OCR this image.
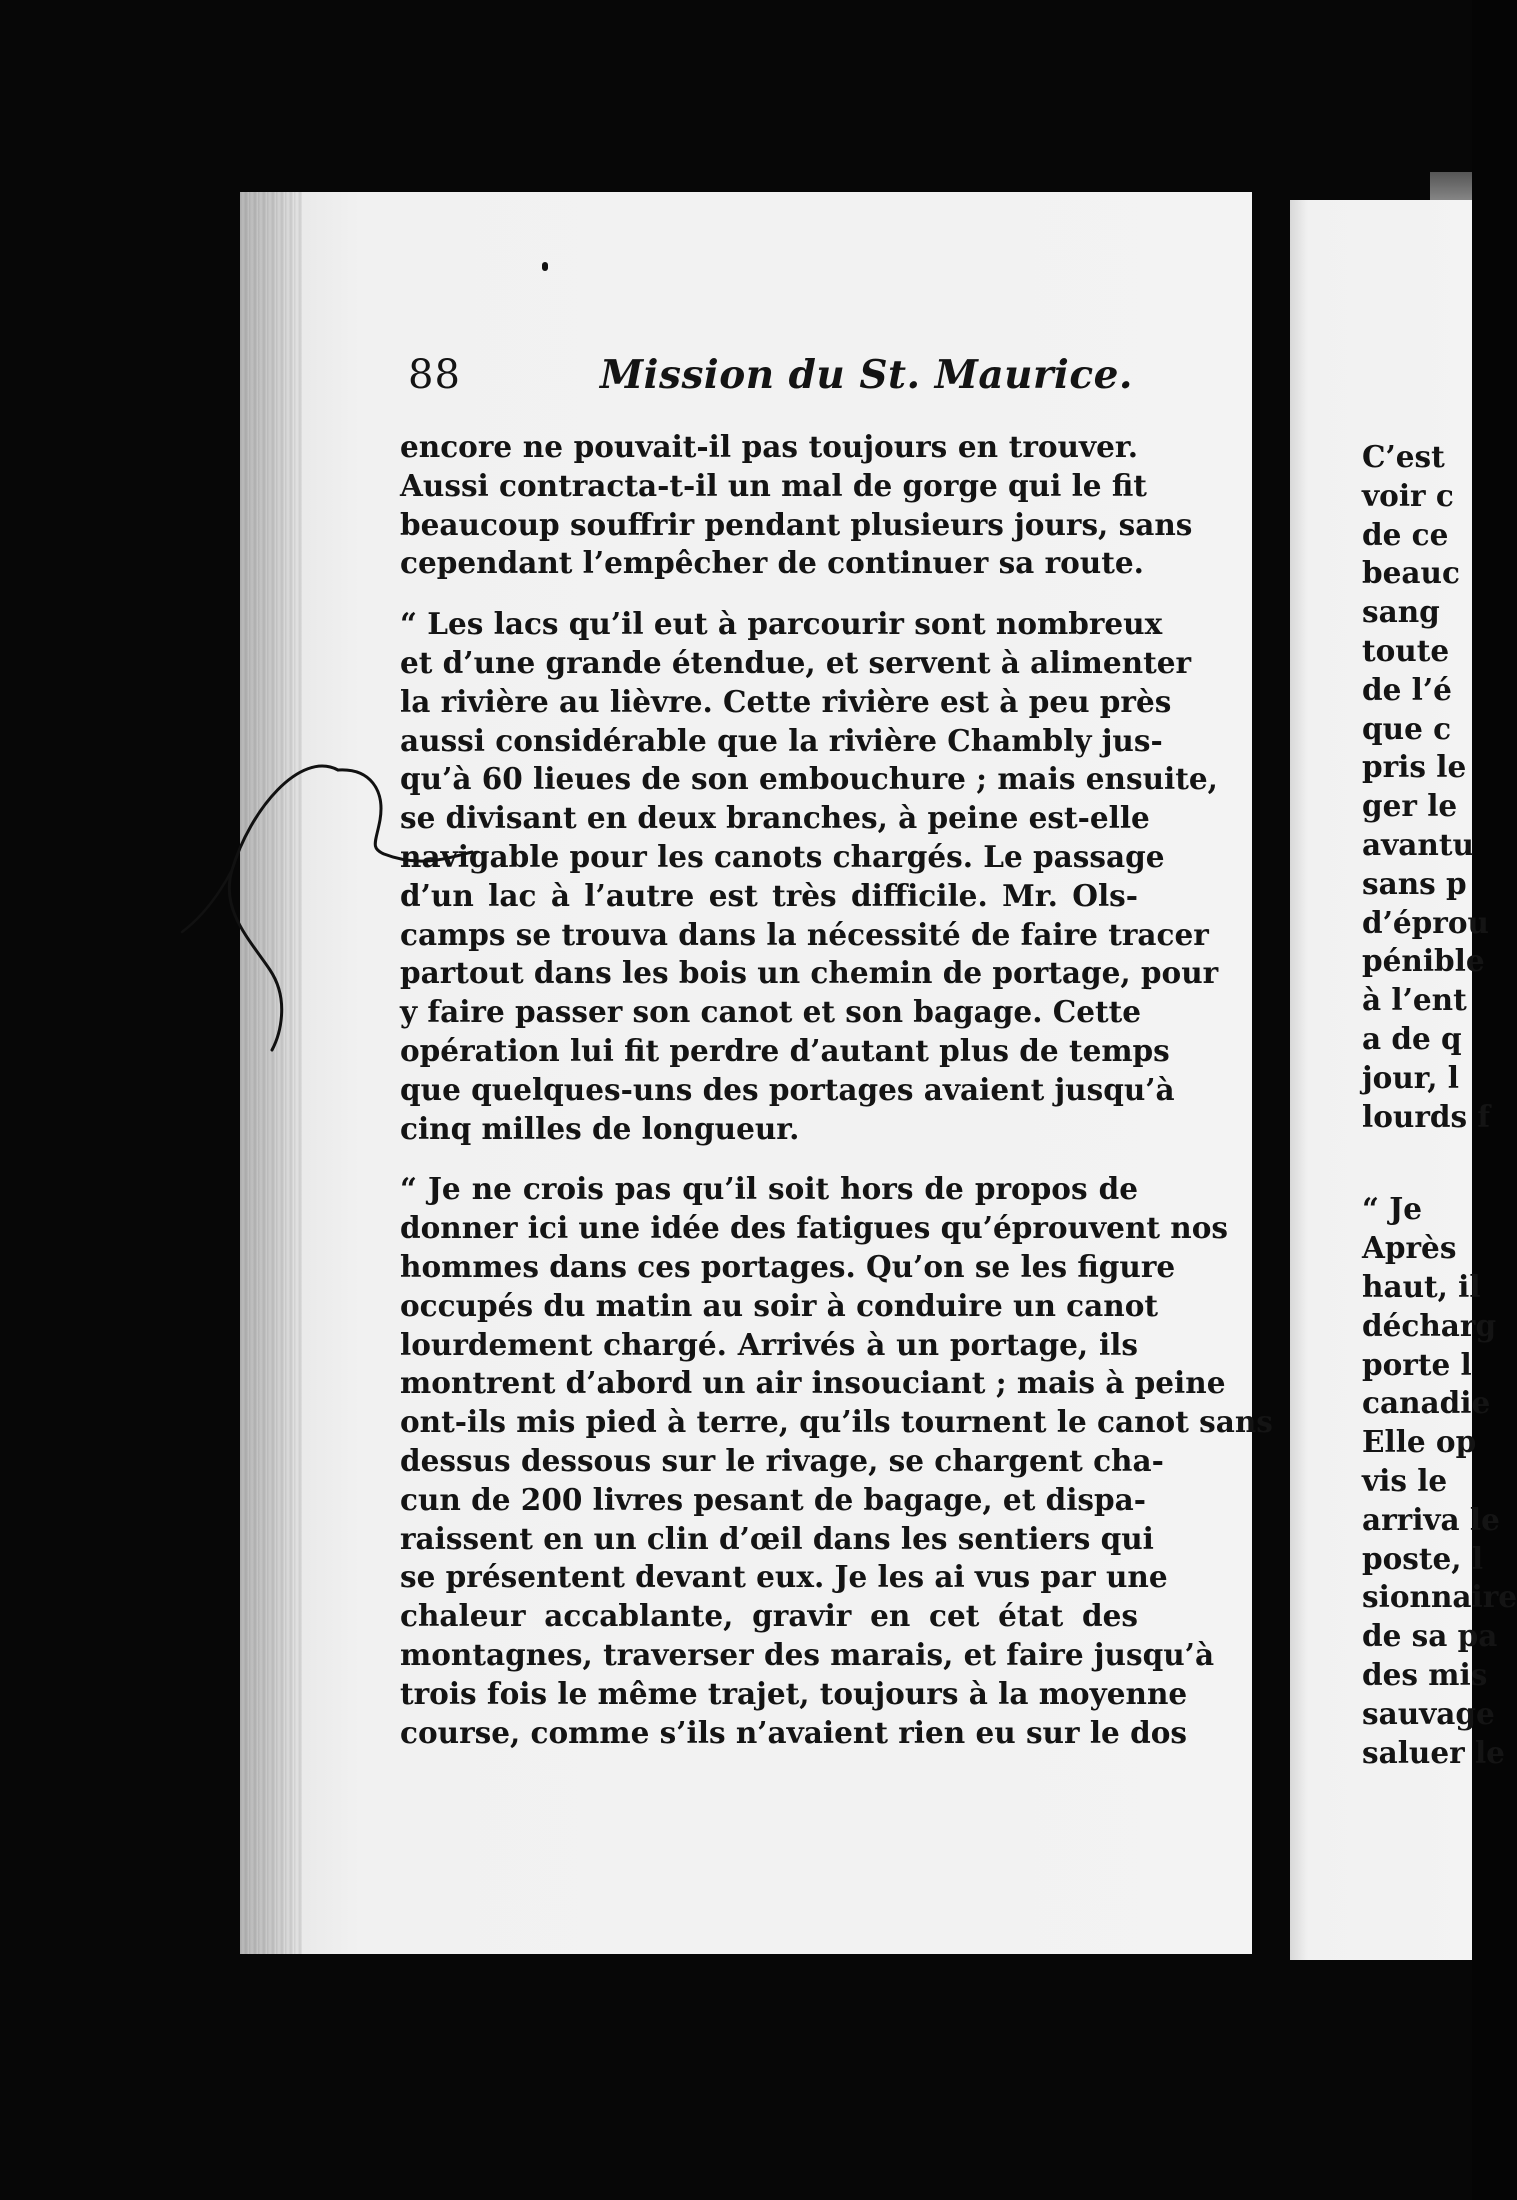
88	Mission du St. Maurice.
encore ne pouvait-il pas toujours en trouver.
Aussi contracta-t-il un mal de gorge qui le fit
beaucoup souffrir pendant plusieurs jours, sans
cependant l’empêcher de continuer sa route.
“ Les lacs qu’il eut à parcourir sont nombreux
et d’une grande étendue, et servent à alimenter
la rivière au lièvre. Cette rivière est à peu près
aussi considérable que la rivière Chambly jus-
qu’à 60 lieues de son embouchure ; mais ensuite,
se divisant en deux branches, à peine est-elle
navigable pour les canots chargés. Le passage
d’un lac à l’autre est très difficile. Mr. Ols-
camps se trouva dans la nécessité de faire tracer
partout dans les bois un chemin de portage, pour
y faire passer son canot et son bagage. Cette
opération lui fit perdre d’autant plus de temps
que quelques-uns des portages avaient jusqu’à
cinq milles de longueur.
“ Je ne crois pas qu’il soit hors de propos de
donner ici une idée des fatigues qu’éprouvent nos
hommes dans ces portages. Qu’on se les figure
occupés du matin au soir à conduire un canot
lourdement chargé. Arrivés à un portage, ils
montrent d’abord un air insouciant ; mais à peine
ont-ils mis pied à terre, qu’ils tournent le canot sans
dessus dessous sur le rivage, se chargent cha-
cun de 200 livres pesant de bagage, et dispa-
raissent en un clin d’œil dans les sentiers qui
se présentent devant eux. Je les ai vus par une
chaleur accablante, gravir en cet état des
montagnes, traverser des marais, et faire jusqu’à
trois fois le même trajet, toujours à la moyenne
course, comme s’ils n’avaient rien eu sur le dos
C’est
voir c
de ce
beauc
sang
toute
de l’é
que c
pris le
ger le
avantu
sans p
d’éprou
pénible
à l’ent
a de q
jour, l
lourds f
“ Je
Après
haut, il
décharg
porte l
canadie
Elle op
vis le
arriva le
poste, l
sionnaire
de sa pa
des mis
sauvage
saluer le
